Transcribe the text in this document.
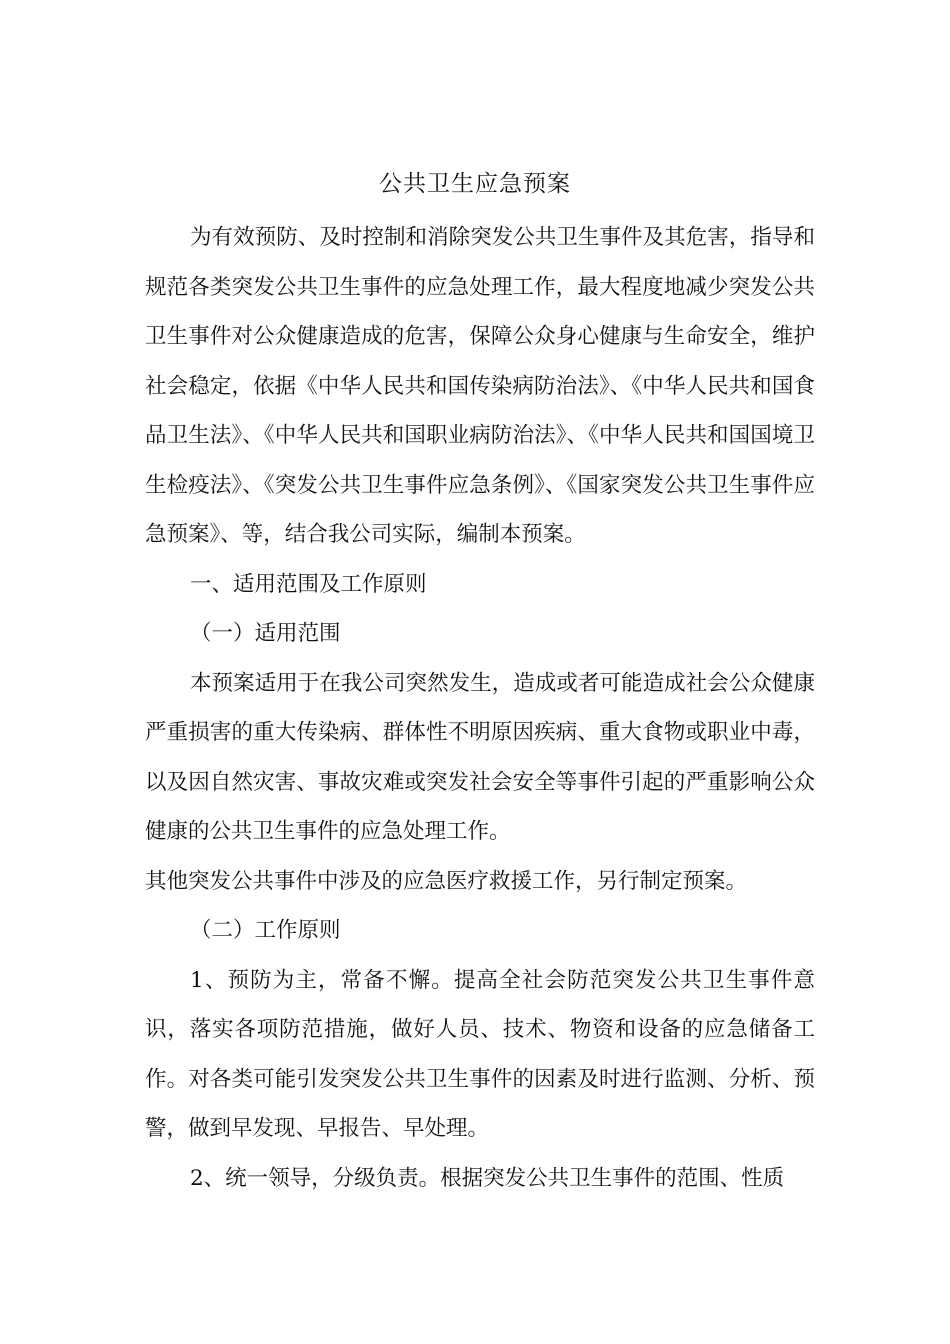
公共卫生应急预案

为有效预防、及时控制和消除突发公共卫生事件及其危害，指导和规范各类突发公共卫生事件的应急处理工作，最大程度地减少突发公共卫生事件对公众健康造成的危害，保障公众身心健康与生命安全，维护社会稳定，依据《中华人民共和国传染病防治法》、《中华人民共和国食品卫生法》、《中华人民共和国职业病防治法》、《中华人民共和国国境卫生检疫法》、《突发公共卫生事件应急条例》、《国家突发公共卫生事件应急预案》、等，结合我公司实际，编制本预案。

一、适用范围及工作原则

（一）适用范围

本预案适用于在我公司突然发生，造成或者可能造成社会公众健康严重损害的重大传染病、群体性不明原因疾病、重大食物或职业中毒，以及因自然灾害、事故灾难或突发社会安全等事件引起的严重影响公众健康的公共卫生事件的应急处理工作。

其他突发公共事件中涉及的应急医疗救援工作，另行制定预案。

（二）工作原则

1、预防为主，常备不懈。提高全社会防范突发公共卫生事件意识，落实各项防范措施，做好人员、技术、物资和设备的应急储备工作。对各类可能引发突发公共卫生事件的因素及时进行监测、分析、预警，做到早发现、早报告、早处理。

2、统一领导，分级负责。根据突发公共卫生事件的范围、性质
